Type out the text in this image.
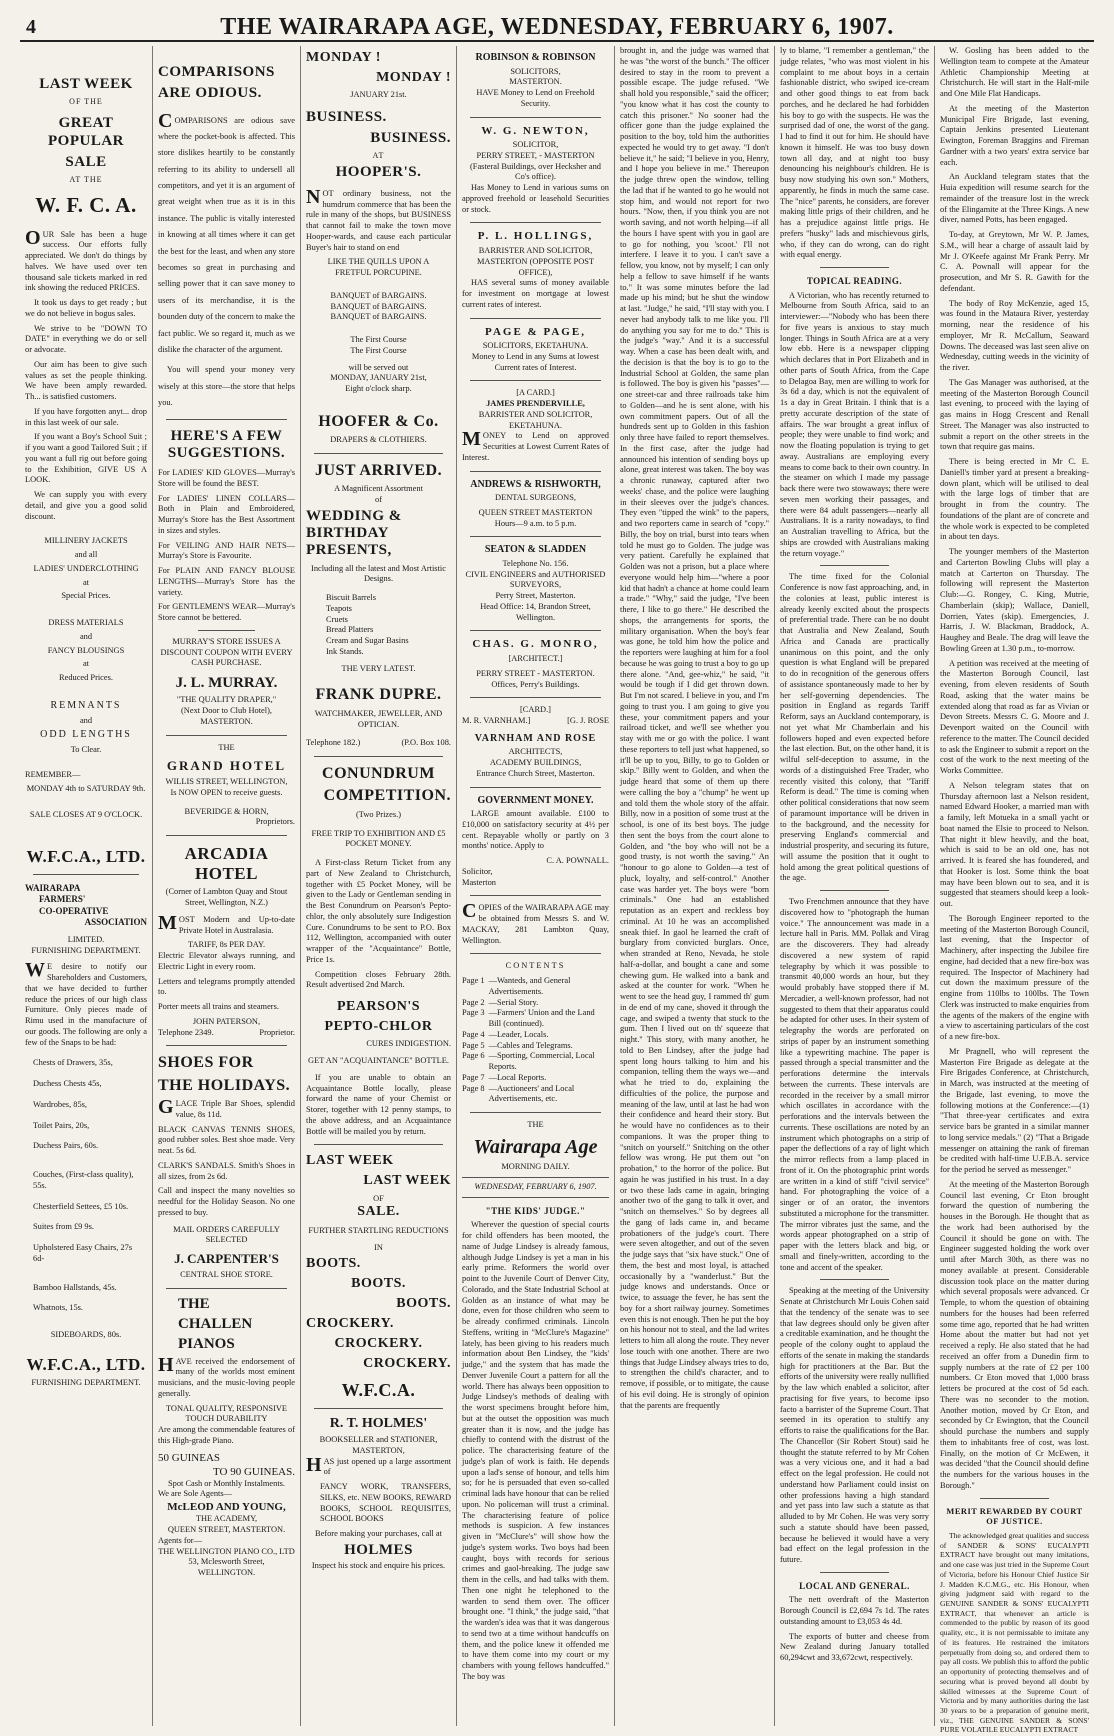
4	THE WAIRARAPA AGE, WEDNESDAY, FEBRUARY 6, 1907.
LAST WEEK
OF THE
GREAT POPULAR
SALE
AT THE
W. F. C. A.

OUR Sale has been a huge success. Our efforts fully appreciated. We don't do things by halves. We have used over ten thousand sale tickets marked in red ink showing the reduced PRICES.

It took us days to get ready ; but we do not believe in bogus sales.

We strive to be "DOWN TO DATE" in everything we do or sell or advocate.

Our aim has been to give such values as set the people thinking. We have been amply rewarded. Th... is satisfied customers.

If you have forgotten anyt... drop in this last week of our sale.

If you want a Boy's School Suit ; if you want a good Tailored Suit ; if you want a full rig out before going to the Exhibition, GIVE US A LOOK.

We can supply you with every detail, and give you a good solid discount.

MILLINERY JACKETS
and all
LADIES' UNDERCLOTHING
at
Special Prices.
DRESS MATERIALS
and
FANCY BLOUSINGS
at
Reduced Prices.
REMNANTS
and
ODD LENGTHS
To Clear.
REMEMBER—
MONDAY 4th to SATURDAY 9th.
SALE CLOSES AT 9 O'CLOCK.
W.F.C.A., LTD.
WAIRARAPA
FARMERS'
CO-OPERATIVE
ASSOCIATION
LIMITED.
FURNISHING DEPARTMENT.

WE desire to notify our Shareholders and Customers, that we have decided to further reduce the prices of our high class Furniture. Only pieces made of Rimu used in the manufacture of our goods. The following are only a few of the Snaps to be had:

Chests of Drawers, 35s,
Duchess Chests 45s,
Wardrobes, 85s,
Toilet Pairs, 20s,
Duchess Pairs, 60s.
Couches, (First-class quality), 55s.
Chesterfield Settees, £5 10s.
Suites from £9 9s.
Upholstered Easy Chairs, 27s 6d-
Bamboo Hallstands, 45s.
Whatnots, 15s.
SIDEBOARDS, 80s.
W.F.C.A., LTD.
FURNISHING DEPARTMENT.
COMPARISONS
ARE ODIOUS.

COMPARISONS are odious save where the pocket-book is affected. This store dislikes heartily to be constantly referring to its ability to undersell all competitors, and yet it is an argument of great weight when true as it is in this instance. The public is vitally interested in knowing at all times where it can get the best for the least, and when any store becomes so great in purchasing and selling power that it can save money to users of its merchandise, it is the bounden duty of the concern to make the fact public. We so regard it, much as we dislike the character of the argument.

You will spend your money very wisely at this store—the store that helps you.

HERE'S A FEW SUGGESTIONS.

For LADIES' KID GLOVES—Murray's Store will be found the BEST.

For LADIES' LINEN COLLARS—Both in Plain and Embroidered, Murray's Store has the Best Assortment in sizes and styles.

For VEILING AND HAIR NETS—Murray's Store is Favourite.

For PLAIN AND FANCY BLOUSE LENGTHS—Murray's Store has the variety.

For GENTLEMEN'S WEAR—Murray's Store cannot be bettered.

MURRAY'S STORE ISSUES A DISCOUNT COUPON WITH EVERY CASH PURCHASE.
J. L. MURRAY.
"THE QUALITY DRAPER,"
(Next Door to Club Hotel),
MASTERTON.
THE
GRAND HOTEL
WILLIS STREET, WELLINGTON,
Is NOW OPEN to receive guests.
BEVERIDGE & HORN,
Proprietors.
ARCADIA HOTEL
(Corner of Lambton Quay and Stout Street, Wellington, N.Z.)

MOST Modern and Up-to-date Private Hotel in Australasia.

TARIFF, 8s PER DAY.

Electric Elevator always running, and Electric Light in every room.

Letters and telegrams promptly attended to.

Porter meets all trains and steamers.

JOHN PATERSON,
Telephone 2349.	Proprietor.
SHOES FOR
THE HOLIDAYS.

GLACE Triple Bar Shoes, splendid value, 8s 11d.

BLACK CANVAS TENNIS SHOES, good rubber soles. Best shoe made. Very neat. 5s 6d.

CLARK'S SANDALS. Smith's Shoes in all sizes, from 2s 6d.

Call and inspect the many novelties so needful for the Holiday Season. No one pressed to buy.

MAIL ORDERS CAREFULLY SELECTED
J. CARPENTER'S
CENTRAL SHOE STORE.
THE
CHALLEN
PIANOS

HAVE received the endorsement of many of the worlds most eminent musicians, and the music-loving people generally.

TONAL QUALITY, RESPONSIVE TOUCH DURABILITY

Are among the commendable features of this High-grade Piano.

50 GUINEAS
TO 90 GUINEAS.
Spot Cash or Monthly Instalments.
We are Sole Agents—
McLEOD AND YOUNG,
THE ACADEMY,
QUEEN STREET, MASTERTON.
Agents for—
THE WELLINGTON PIANO CO., LTD
53, Mclesworth Street,
WELLINGTON.
MONDAY !
MONDAY !
JANUARY 21st.
BUSINESS.
BUSINESS.
AT
HOOPER'S.

NOT ordinary business, not the humdrum commerce that has been the rule in many of the shops, but BUSINESS that cannot fail to make the town move Hooper-wards, and cause each particular Buyer's hair to stand on end

LIKE THE QUILLS UPON A FRETFUL PORCUPINE.
BANQUET of BARGAINS.
BANQUET of BARGAINS.
BANQUET of BARGAINS.
The First Course
The First Course
will be served out
MONDAY, JANUARY 21st,
Eight o'clock sharp.
HOOFER & Co.
DRAPERS & CLOTHIERS.
JUST ARRIVED.
A Magnificent Assortment
of
WEDDING &
BIRTHDAY
PRESENTS,
Including all the latest and Most Artistic Designs.
Biscuit Barrels
Teapots
Cruets
Bread Platters
Cream and Sugar Basins
Ink Stands.
THE VERY LATEST.
FRANK DUPRE.
WATCHMAKER, JEWELLER, AND OPTICIAN.
Telephone 182.)	(P.O. Box 108.
CONUNDRUM
COMPETITION.
(Two Prizes.)
FREE TRIP TO EXHIBITION AND £5 POCKET MONEY.

A First-class Return Ticket from any part of New Zealand to Christchurch, together with £5 Pocket Money, will be given to the Lady or Gentleman sending in the Best Conundrum on Pearson's Pepto-chlor, the only absolutely sure Indigestion Cure. Conundrums to be sent to P.O. Box 112, Wellington, accompanied with outer wrapper of the "Acquaintance" Bottle, Price 1s.

Competition closes February 28th. Result advertised 2nd March.

PEARSON'S
PEPTO-CHLOR
CURES INDIGESTION.
GET AN "ACQUAINTANCE" BOTTLE.

If you are unable to obtain an Acquaintance Bottle locally, please forward the name of your Chemist or Storer, together with 12 penny stamps, to the above address, and an Acquaintance Bottle will be mailed you by return.

LAST WEEK
LAST WEEK
OF
SALE.
FURTHER STARTLING REDUCTIONS
IN
BOOTS.
BOOTS.
BOOTS.
CROCKERY.
CROCKERY.
CROCKERY.
W.F.C.A.
R. T. HOLMES'
BOOKSELLER and STATIONER,
MASTERTON,

HAS just opened up a large assortment of

FANCY WORK, TRANSFERS, SILKS, etc. NEW BOOKS, REWARD BOOKS, SCHOOL REQUISITES, SCHOOL BOOKS

Before making your purchases, call at
HOLMES
Inspect his stock and enquire his prices.
ROBINSON & ROBINSON
SOLICITORS,
MASTERTON.
HAVE Money to Lend on Freehold Security.
W. G. NEWTON,
SOLICITOR,
PERRY STREET, - MASTERTON (Fasteral Buildings, over Hecksher and Co's office).

Has Money to Lend in various sums on approved freehold or leasehold Securities or stock.

P. L. HOLLINGS,
BARRISTER AND SOLICITOR,
MASTERTON (OPPOSITE POST OFFICE),

HAS several sums of money available for investment on mortgage at lowest current rates of interest.

PAGE & PAGE,
SOLICITORS, EKETAHUNA.
Money to Lend in any Sums at lowest Current rates of Interest.
[A CARD.]
JAMES PRENDERVILLE,
BARRISTER AND SOLICITOR,
EKETAHUNA.

MONEY to Lend on approved Securities at Lowest Current Rates of Interest.

ANDREWS & RISHWORTH,
DENTAL SURGEONS,
QUEEN STREET MASTERTON
Hours—9 a.m. to 5 p.m.
SEATON & SLADDEN
Telephone No. 156.
CIVIL ENGINEERS and AUTHORISED SURVEYORS,
Perry Street, Masterton.
Head Office: 14, Brandon Street, Wellington.
CHAS. G. MONRO,
[ARCHITECT.]
PERRY STREET - MASTERTON.
Offices, Perry's Buildings.
[CARD.]
M. R. VARNHAM.]	[G. J. ROSE
VARNHAM AND ROSE
ARCHITECTS,
ACADEMY BUILDINGS,
Entrance Church Street, Masterton.
GOVERNMENT MONEY.

LARGE amount available. £100 to £10,000 on satisfactory security at 4½ per cent. Repayable wholly or partly on 3 months' notice. Apply to

C. A. POWNALL.
Solicitor,
Masterton

COPIES of the WAIRARAPA AGE may be obtained from Messrs S. and W. MACKAY, 281 Lambton Quay, Wellington.

CONTENTS
Page 1 —Wanteds, and General Advertisements.
Page 2 —Serial Story.
Page 3 —Farmers' Union and the Land Bill (continued).
Page 4 —Leader, Locals.
Page 5 —Cables and Telegrams.
Page 6 —Sporting, Commercial, Local Reports.
Page 7 —Local Reports.
Page 8 —Auctioneers' and Local Advertisements, etc.
THE
Wairarapa Age
MORNING DAILY.
WEDNESDAY, FEBRUARY 6, 1907.
"THE KIDS' JUDGE."

Wherever the question of special courts for child offenders has been mooted, the name of Judge Lindsey is already famous, although Judge Lindsey is yet a man in his early prime. Reformers the world over point to the Juvenile Court of Denver City, Colorado, and the State Industrial School at Golden as an instance of what may be done, even for those children who seem to be already confirmed criminals. Lincoln Steffens, writing in "McClure's Magazine" lately, has been giving to his readers much information about Ben Lindsey, the "kids' judge," and the system that has made the Denver Juvenile Court a pattern for all the world. There has always been opposition to Judge Lindsey's methods of dealing with the worst specimens brought before him, but at the outset the opposition was much greater than it is now, and the judge has chiefly to contend with the distrust of the police. The characterising feature of the judge's plan of work is faith. He depends upon a lad's sense of honour, and tells him so; for he is persuaded that even so-called criminal lads have honour that can be relied upon. No policeman will trust a criminal. The characterising feature of police methods is suspicion. A few instances given in "McClure's" will show how the judge's system works. Two boys had been caught, boys with records for serious crimes and gaol-breaking. The judge saw them in the cells, and had talks with them. Then one night he telephoned to the warden to send them over. The officer brought one. "I think," the judge said, "that the warden's idea was that it was dangerous to send two at a time without handcuffs on them, and the police knew it offended me to have them come into my court or my chambers with young fellows handcuffed." The boy was

brought in, and the judge was warned that he was "the worst of the bunch." The officer desired to stay in the room to prevent a possible escape. The judge refused. "We shall hold you responsible," said the officer; "you know what it has cost the county to catch this prisoner." No sooner had the officer gone than the judge explained the position to the boy, told him the authorities expected he would try to get away. "I don't believe it," he said; "I believe in you, Henry, and I hope you believe in me." Thereupon the judge threw open the window, telling the lad that if he wanted to go he would not stop him, and would not report for two hours. "Now, then, if you think you are not worth saving, and not worth helping—if all the hours I have spent with you in gaol are to go for nothing, you 'scoot.' I'll not interfere. I leave it to you. I can't save a fellow, you know, not by myself; I can only help a fellow to save himself if he wants to." It was some minutes before the lad made up his mind; but he shut the window at last. "Judge," he said, "I'll stay with you. I never had anybody talk to me like you. I'll do anything you say for me to do." This is the judge's "way." And it is a successful way. When a case has been dealt with, and the decision is that the boy is to go to the Industrial School at Golden, the same plan is followed. The boy is given his "passes"—one street-car and three railroads take him to Golden—and he is sent alone, with his own commitment papers. Out of all the hundreds sent up to Golden in this fashion only three have failed to report themselves. In the first case, after the judge had announced his intention of sending boys up alone, great interest was taken. The boy was a chronic runaway, captured after two weeks' chase, and the police were laughing in their sleeves over the judge's chances. They even "tipped the wink" to the papers, and two reporters came in search of "copy." Billy, the boy on trial, burst into tears when told he must go to Golden. The judge was very patient. Carefully he explained that Golden was not a prison, but a place where everyone would help him—"where a poor kid that hadn't a chance at home could learn a trade." "Why," said the judge, "I've been there, I like to go there." He described the shops, the arrangements for sports, the military organisation. When the boy's fear was gone, he told him how the police and the reporters were laughing at him for a fool because he was going to trust a boy to go up there alone. "And, gee-whiz," he said, "it would be tough if I did get thrown down. But I'm not scared. I believe in you, and I'm going to trust you. I am going to give you these, your commitment papers and your railroad ticket, and we'll see whether you stay with me or go with the police. I want these reporters to tell just what happened, so it'll be up to you, Billy, to go to Golden or skip." Billy went to Golden, and when the judge heard that some of them up there were calling the boy a "chump" he went up and told them the whole story of the affair. Billy, now in a position of some trust at the school, is one of its best boys. The judge then sent the boys from the court alone to Golden, and "the boy who will not be a good trusty, is not worth the saving." An "honour to go alone to Golden—a test of pluck, loyalty, and self-control." Another case was harder yet. The boys were "born criminals." One had an established reputation as an expert and reckless boy criminal. At 10 he was an accomplished sneak thief. In gaol he learned the craft of burglary from convicted burglars. Once, when stranded at Reno, Nevada, he stole half-a-dollar, and bought a cane and some chewing gum. He walked into a bank and asked at the counter for work. "When he went to see the head guy, I rammed th' gum in de end of my cane, shoved it through the cage, and swiped a twenty that stuck to the gum. Then I lived out on th' squeeze that night." This story, with many another, he told to Ben Lindsey, after the judge had spent long hours talking to him and his companion, telling them the ways we—and what he tried to do, explaining the difficulties of the police, the purpose and meaning of the law, until at last he had won their confidence and heard their story. But he would have no confidences as to their companions. It was the proper thing to "snitch on yourself." Snitching on the other fellow was wrong. He put them out "on probation," to the horror of the police. But again he was justified in his trust. In a day or two these lads came in again, bringing another two of the gang to talk it over, and "snitch on themselves." So by degrees all the gang of lads came in, and became probationers of the judge's court. There were seven altogether, and out of the seven the judge says that "six have stuck." One of them, the best and most loyal, is attached occasionally by a "wanderlust." But the judge knows and understands. Once or twice, to assuage the fever, he has sent the boy for a short railway journey. Sometimes even this is not enough. Then he put the boy on his honour not to steal, and the lad writes letters to him all along the route. They never lose touch with one another. There are two things that Judge Lindsey always tries to do, to strengthen the child's character, and to remove, if possible, or to mitigate, the cause of his evil doing. He is strongly of opinion that the parents are frequently

ly to blame, "I remember a gentleman," the judge relates, "who was most violent in his complaint to me about boys in a certain fashionable district, who swiped ice-cream and other good things to eat from back porches, and he declared he had forbidden his boy to go with the suspects. He was the surprised dad of one, the worst of the gang. I had to find it out for him. He should have known it himself. He was too busy down town all day, and at night too busy denouncing his neighbour's children. He is busy now studying his own son." Mothers, apparently, he finds in much the same case. The "nice" parents, he considers, are forever making little prigs of their children, and he has a prejudice against little prigs. He prefers "husky" lads and mischievous girls, who, if they can do wrong, can do right with equal energy.

TOPICAL READING.

A Victorian, who has recently returned to Melbourne from South Africa, said to an interviewer:—"Nobody who has been there for five years is anxious to stay much longer. Things in South Africa are at a very low ebb. Here is a newspaper clipping which declares that in Port Elizabeth and in other parts of South Africa, from the Cape to Delagoa Bay, men are willing to work for 3s 6d a day, which is not the equivalent of 1s a day in Great Britain. I think that is a pretty accurate description of the state of affairs. The war brought a great influx of people; they were unable to find work; and now the floating population is trying to get away. Australians are employing every means to come back to their own country. In the steamer on which I made my passage back there were two stowaways; there were seven men working their passages, and there were 84 adult passengers—nearly all Australians. It is a rarity nowadays, to find an Australian travelling to Africa, but the ships are crowded with Australians making the return voyage."

The time fixed for the Colonial Conference is now fast approaching, and, in the colonies at least, public interest is already keenly excited about the prospects of preferential trade. There can be no doubt that Australia and New Zealand, South Africa and Canada are practically unanimous on this point, and the only question is what England will be prepared to do in recognition of the generous offers of assistance spontaneously made to her by her self-governing dependencies. The position in England as regards Tariff Reform, says an Auckland contemporary, is not yet what Mr Chamberlain and his followers hoped and even expected before the last election. But, on the other hand, it is wilful self-deception to assume, in the words of a distinguished Free Trader, who recently visited this colony, that "Tariff Reform is dead." The time is coming when other political considerations that now seem of paramount importance will be driven in to the background, and the necessity for preserving England's commercial and industrial prosperity, and securing its future, will assume the position that it ought to hold among the great political questions of the age.

Two Frenchmen announce that they have discovered how to "photograph the human voice." The announcement was made in a lecture hall in Paris. MM. Pollak and Virag are the discoverers. They had already discovered a new system of rapid telegraphy by which it was possible to transmit 40,000 words an hour, but they would probably have stopped there if M. Mercadier, a well-known professor, had not suggested to them that their apparatus could be adapted for other uses. In their system of telegraphy the words are perforated on strips of paper by an instrument something like a typewriting machine. The paper is passed through a special transmitter and the perforations determine the intervals between the currents. These intervals are recorded in the receiver by a small mirror which oscillates in accordance with the perforations and the intervals between the currents. These oscillations are noted by an instrument which photographs on a strip of paper the deflections of a ray of light which the mirror reflects from a lamp placed in front of it. On the photographic print words are written in a kind of stiff "civil service" hand. For photographing the voice of a singer or of an orator, the inventors substituted a microphone for the transmitter. The mirror vibrates just the same, and the words appear photographed on a strip of paper with the letters black and big, or small and finely-written, according to the tone and accent of the speaker.

Speaking at the meeting of the University Senate at Christchurch Mr Louis Cohen said that the tendency of the senate was to see that law degrees should only be given after a creditable examination, and he thought the people of the colony ought to applaud the efforts of the senate in making the standards high for practitioners at the Bar. But the efforts of the university were really nullified by the law which enabled a solicitor, after practising for five years, to become ipso facto a barrister of the Supreme Court. That seemed in its operation to stultify any efforts to raise the qualifications for the Bar. The Chancellor (Sir Robert Stout) said he thought the statute referred to by Mr Cohen was a very vicious one, and it had a bad effect on the legal profession. He could not understand how Parliament could insist on other professions having a high standard and yet pass into law such a statute as that alluded to by Mr Cohen. He was very sorry such a statute should have been passed, because he believed it would have a very bad effect on the legal profession in the future.

LOCAL AND GENERAL.

The nett overdraft of the Masterton Borough Council is £2,694 7s 1d. The rates outstanding amount to £3,053 4s 4d.

The exports of butter and cheese from New Zealand during January totalled 60,294cwt and 33,672cwt, respectively.

W. Gosling has been added to the Wellington team to compete at the Amateur Athletic Championship Meeting at Christchurch. He will start in the Half-mile and One Mile Flat Handicaps.

At the meeting of the Masterton Municipal Fire Brigade, last evening, Captain Jenkins presented Lieutenant Ewington, Foreman Braggins and Fireman Gardner with a two years' extra service bar each.

An Auckland telegram states that the Huia expedition will resume search for the remainder of the treasure lost in the wreck of the Elingamite at the Three Kings. A new diver, named Potts, has been engaged.

To-day, at Greytown, Mr W. P. James, S.M., will hear a charge of assault laid by Mr J. O'Keefe against Mr Frank Perry. Mr C. A. Pownall will appear for the prosecution, and Mr S. R. Gawith for the defendant.

The body of Roy McKenzie, aged 15, was found in the Mataura River, yesterday morning, near the residence of his employer, Mr R. McCallum, Seaward Downs. The deceased was last seen alive on Wednesday, cutting weeds in the vicinity of the river.

The Gas Manager was authorised, at the meeting of the Masterton Borough Council last evening, to proceed with the laying of gas mains in Hogg Crescent and Renall Street. The Manager was also instructed to submit a report on the other streets in the town that require gas mains.

There is being erected in Mr C. E. Daniell's timber yard at present a breaking-down plant, which will be utilised to deal with the large logs of timber that are brought in from the country. The foundations of the plant are of concrete and the whole work is expected to be completed in about ten days.

The younger members of the Masterton and Carterton Bowling Clubs will play a match at Carterton on Thursday. The following will represent the Masterton Club:—G. Rongey, C. King, Mutrie, Chamberlain (skip); Wallace, Daniell, Dorrien, Yates (skip). Emergencies, J. Harris, J. W. Blackman, Braddock, A. Haughey and Beale. The drag will leave the Bowling Green at 1.30 p.m., to-morrow.

A petition was received at the meeting of the Masterton Borough Council, last evening, from eleven residents of South Road, asking that the water mains be extended along that road as far as Vivian or Devon Streets. Messrs C. G. Moore and J. Devenport waited on the Council with reference to the matter. The Council decided to ask the Engineer to submit a report on the cost of the work to the next meeting of the Works Committee.

A Nelson telegram states that on Thursday afternoon last a Nelson resident, named Edward Hooker, a married man with a family, left Motueka in a small yacht or boat named the Elsie to proceed to Nelson. That night it blew heavily, and the boat, which is said to be an old one, has not arrived. It is feared she has foundered, and that Hooker is lost. Some think the boat may have been blown out to sea, and it is suggested that steamers should keep a look-out.

The Borough Engineer reported to the meeting of the Masterton Borough Council, last evening, that the Inspector of Machinery, after inspecting the Jubilee fire engine, had decided that a new fire-box was required. The Inspector of Machinery had cut down the maximum pressure of the engine from 110lbs to 100lbs. The Town Clerk was instructed to make enquiries from the agents of the makers of the engine with a view to ascertaining particulars of the cost of a new fire-box.

Mr Pragnell, who will represent the Masterton Fire Brigade as delegate at the Fire Brigades Conference, at Christchurch, in March, was instructed at the meeting of the Brigade, last evening, to move the following motions at the Conference:—(1) "That three-year certificates and extra service bars be granted in a similar manner to long service medals." (2) "That a Brigade messenger on attaining the rank of fireman be credited with half-time U.F.B.A. service for the period he served as messenger."

At the meeting of the Masterton Borough Council last evening, Cr Eton brought forward the question of numbering the houses in the Borough. He thought that as the work had been authorised by the Council it should be gone on with. The Engineer suggested holding the work over until after March 30th, as there was no money available at present. Considerable discussion took place on the matter during which several proposals were advanced. Cr Temple, to whom the question of obtaining numbers for the houses had been referred some time ago, reported that he had written Home about the matter but had not yet received a reply. He also stated that he had received an offer from a Dunedin firm to supply numbers at the rate of £2 per 100 numbers. Cr Eton moved that 1,000 brass letters be procured at the cost of 5d each. There was no seconder to the motion. Another motion, moved by Cr Eton, and seconded by Cr Ewington, that the Council should purchase the numbers and supply them to inhabitants free of cost, was lost. Finally, on the motion of Cr McEwen, it was decided "that the Council should define the numbers for the various houses in the Borough."

MERIT REWARDED BY COURT OF JUSTICE.

The acknowledged great qualities and success of SANDER & SONS' EUCALYPTI EXTRACT have brought out many imitations, and one case was just tried in the Supreme Court of Victoria, before his Honour Chief Justice Sir J. Madden K.C.M.G., etc. His Honour, when giving judgment said with regard to the GENUINE SANDER & SONS' EUCALYPTI EXTRACT, that whenever an article is commended to the public by reason of its good quality, etc., it is not permissable to imitate any of its features. He restrained the imitators perpetually from doing so, and ordered them to pay all costs. We publish this to afford the public an opportunity of protecting themselves and of securing what is proved beyond all doubt by skilled witnesses at the Supreme Court of Victoria and by many authorities during the last 30 years to be a preparation of genuine merit, viz., THE GENUINE SANDER & SONS' PURE VOLATILE EUCALYPTI EXTRACT
